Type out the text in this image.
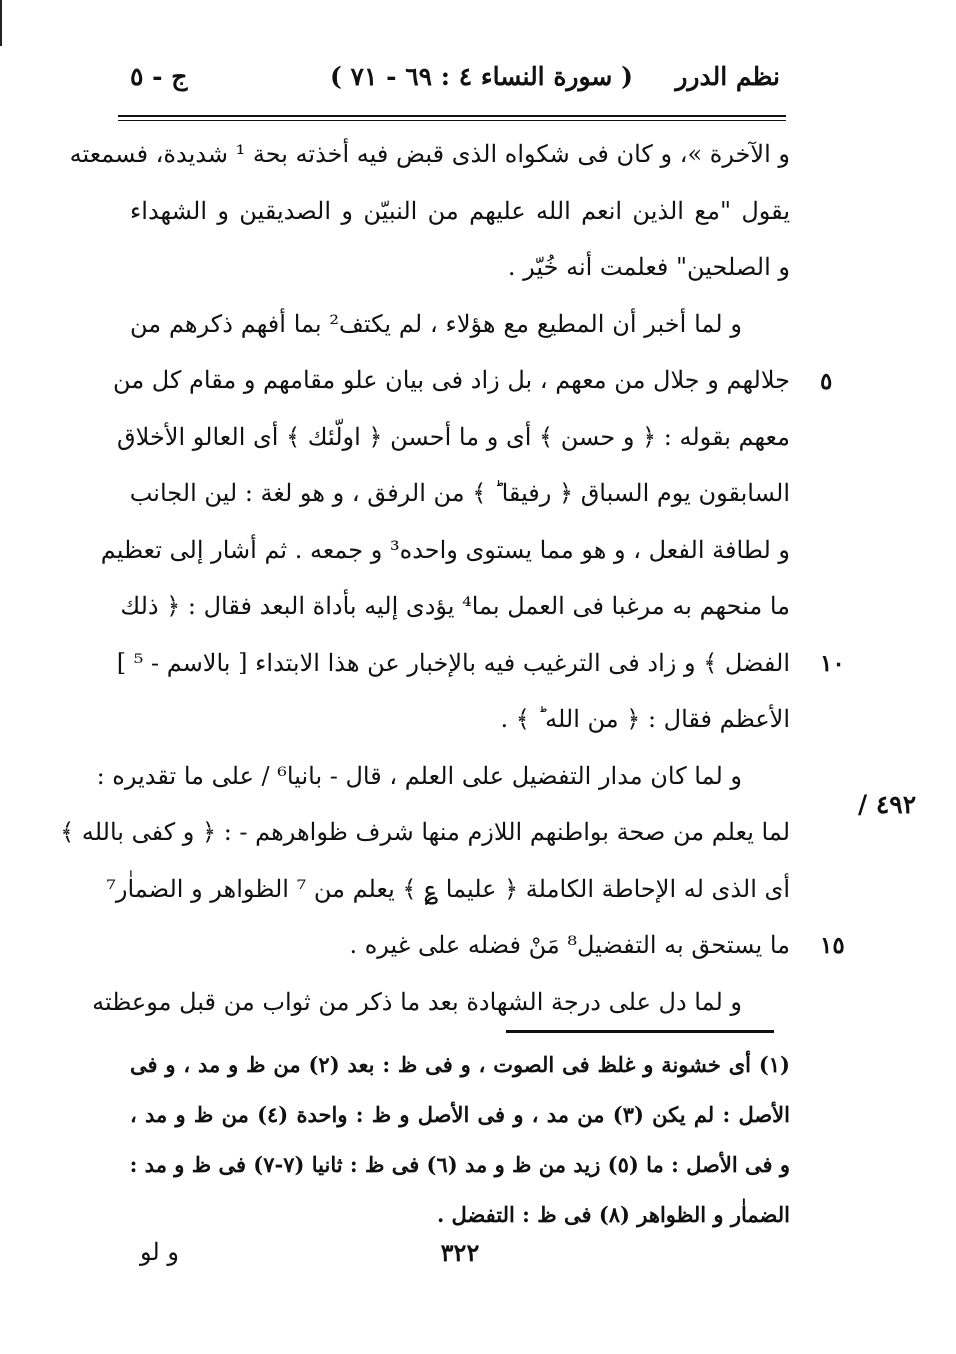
نظم الدرر
( سورة النساء ٤ : ٦٩ - ٧١ )
ج - ٥
و الآخرة »، و كان فى شكواه الذى قبض فيه أخذته بحة ¹ شديدة، فسمعته
يقول "مع الذين انعم الله عليهم من النبيّن و الصديقين و الشهداء
و الصلحين" فعلمت أنه خُيّر .
و لما أخبر أن المطيع مع هؤلاء ، لم يكتف² بما أفهم ذكرهم من
جلالهم و جلال من معهم ، بل زاد فى بيان علو مقامهم و مقام كل من
معهم بقوله : ﴿ و حسن ﴾ أى و ما أحسن ﴿ اولّئك ﴾ أى العالو الأخلاق
السابقون يوم السباق ﴿ رفيقا ؕ ﴾ من الرفق ، و هو لغة : لين الجانب
و لطافة الفعل ، و هو مما يستوى واحده³ و جمعه . ثم أشار إلى تعظيم
ما منحهم به مرغبا فى العمل بما⁴ يؤدى إليه بأداة البعد فقال : ﴿ ذلك
الفضل ﴾ و زاد فى الترغيب فيه بالإخبار عن هذا الابتداء [ بالاسم - ⁵ ]
الأعظم فقال : ﴿ من الله ؕ ﴾ .
و لما كان مدار التفضيل على العلم ، قال - بانيا⁶ / على ما تقديره :
لما يعلم من صحة بواطنهم اللازم منها شرف ظواهرهم - : ﴿ و كفى بالله ﴾
أى الذى له الإحاطة الكاملة ﴿ عليما ؏ ﴾ يعلم من ⁷ الظواهر و الضماٰر⁷
ما يستحق به التفضيل⁸ مَنْ فضله على غيره .
و لما دل على درجة الشهادة بعد ما ذكر من ثواب من قبل موعظته
٥
١٠
١٥
٤٩٢ /
(١) أى خشونة و غلظ فى الصوت ، و فى ظ : بعد (٢) من ظ و مد ، و فى
الأصل : لم يكن (٣) من مد ، و فى الأصل و ظ : واحدة (٤) من ظ و مد ،
و فى الأصل : ما (٥) زيد من ظ و مد (٦) فى ظ : ثانيا (٧-٧) فى ظ و مد :
الضماٰر و الظواهر (٨) فى ظ : التفضل .
و لو	٣٢٢
